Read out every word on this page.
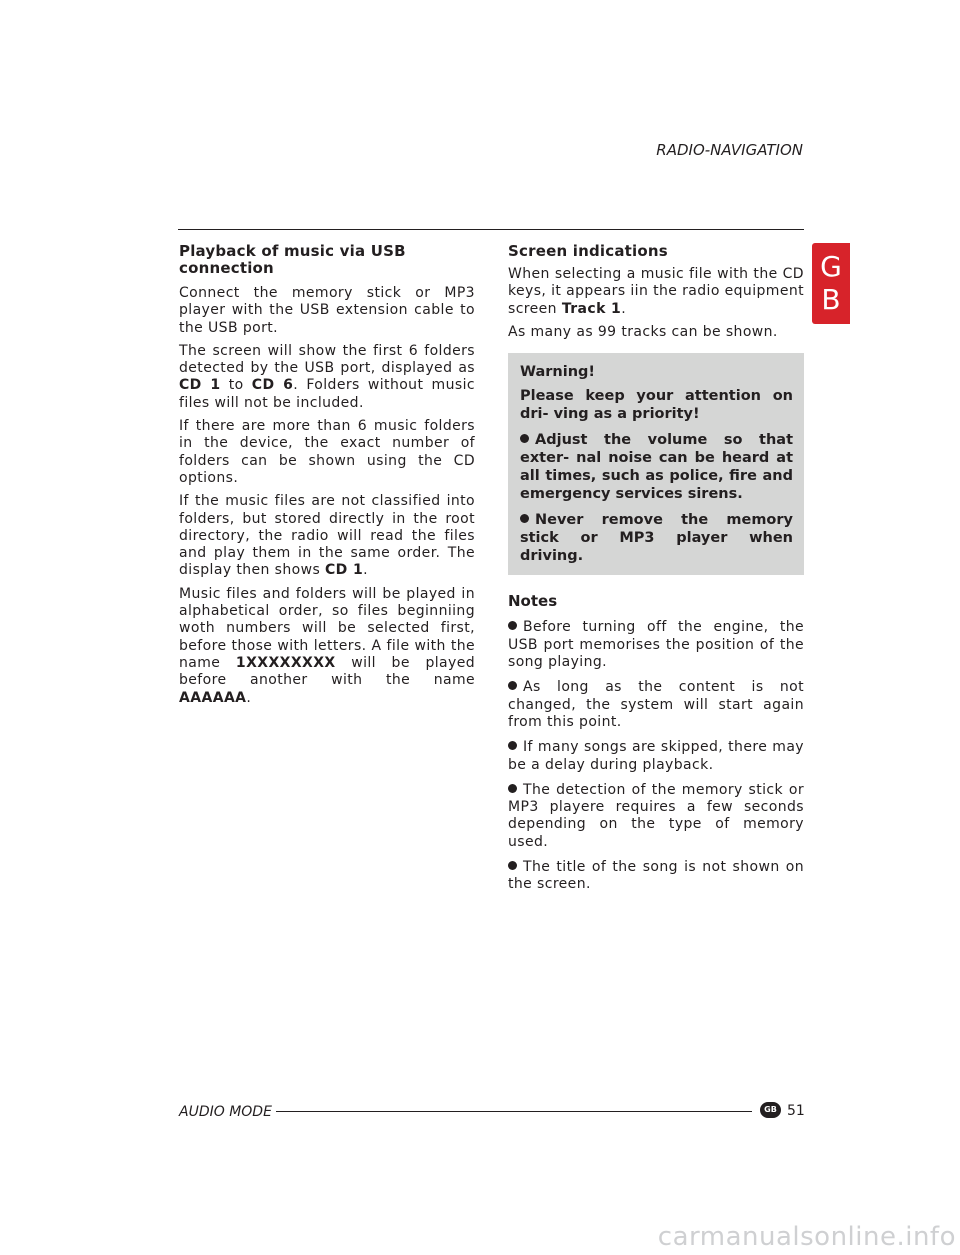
RADIO-NAVIGATION
G
B
Playback of music via USB
connection

Connect the memory stick or MP3 player with the USB extension cable to the USB port.

The screen will show the first 6 folders detected by the USB port, displayed as CD 1 to CD 6. Folders without music files will not be included.

If there are more than 6 music folders in the device, the exact number of folders can be shown using the CD options.

If the music files are not classified into folders, but stored directly in the root directory, the radio will read the files and play them in the same order. The display then shows CD 1.

Music files and folders will be played in alphabetical order, so files beginniing woth numbers will be selected first, before those with letters. A file with the name 1XXXXXXXX will be played before another with the name AAAAAA.

Screen indications

When selecting a music file with the CD keys, it appears iin the radio equipment screen Track 1.

As many as 99 tracks can be shown.

Warning!
Please keep your attention on dri- ving as a priority!
Adjust the volume so that exter- nal noise can be heard at all times, such as police, fire and emergency services sirens.
Never remove the memory stick or MP3 player when driving.
Notes

Before turning off the engine, the USB port memorises the position of the song playing.

As long as the content is not changed, the system will start again from this point.

If many songs are skipped, there may be a delay during playback.

The detection of the memory stick or MP3 playere requires a few seconds depending on the type of memory used.

The title of the song is not shown on the screen.

AUDIO MODE	GB 51
carmanualsonline.info
